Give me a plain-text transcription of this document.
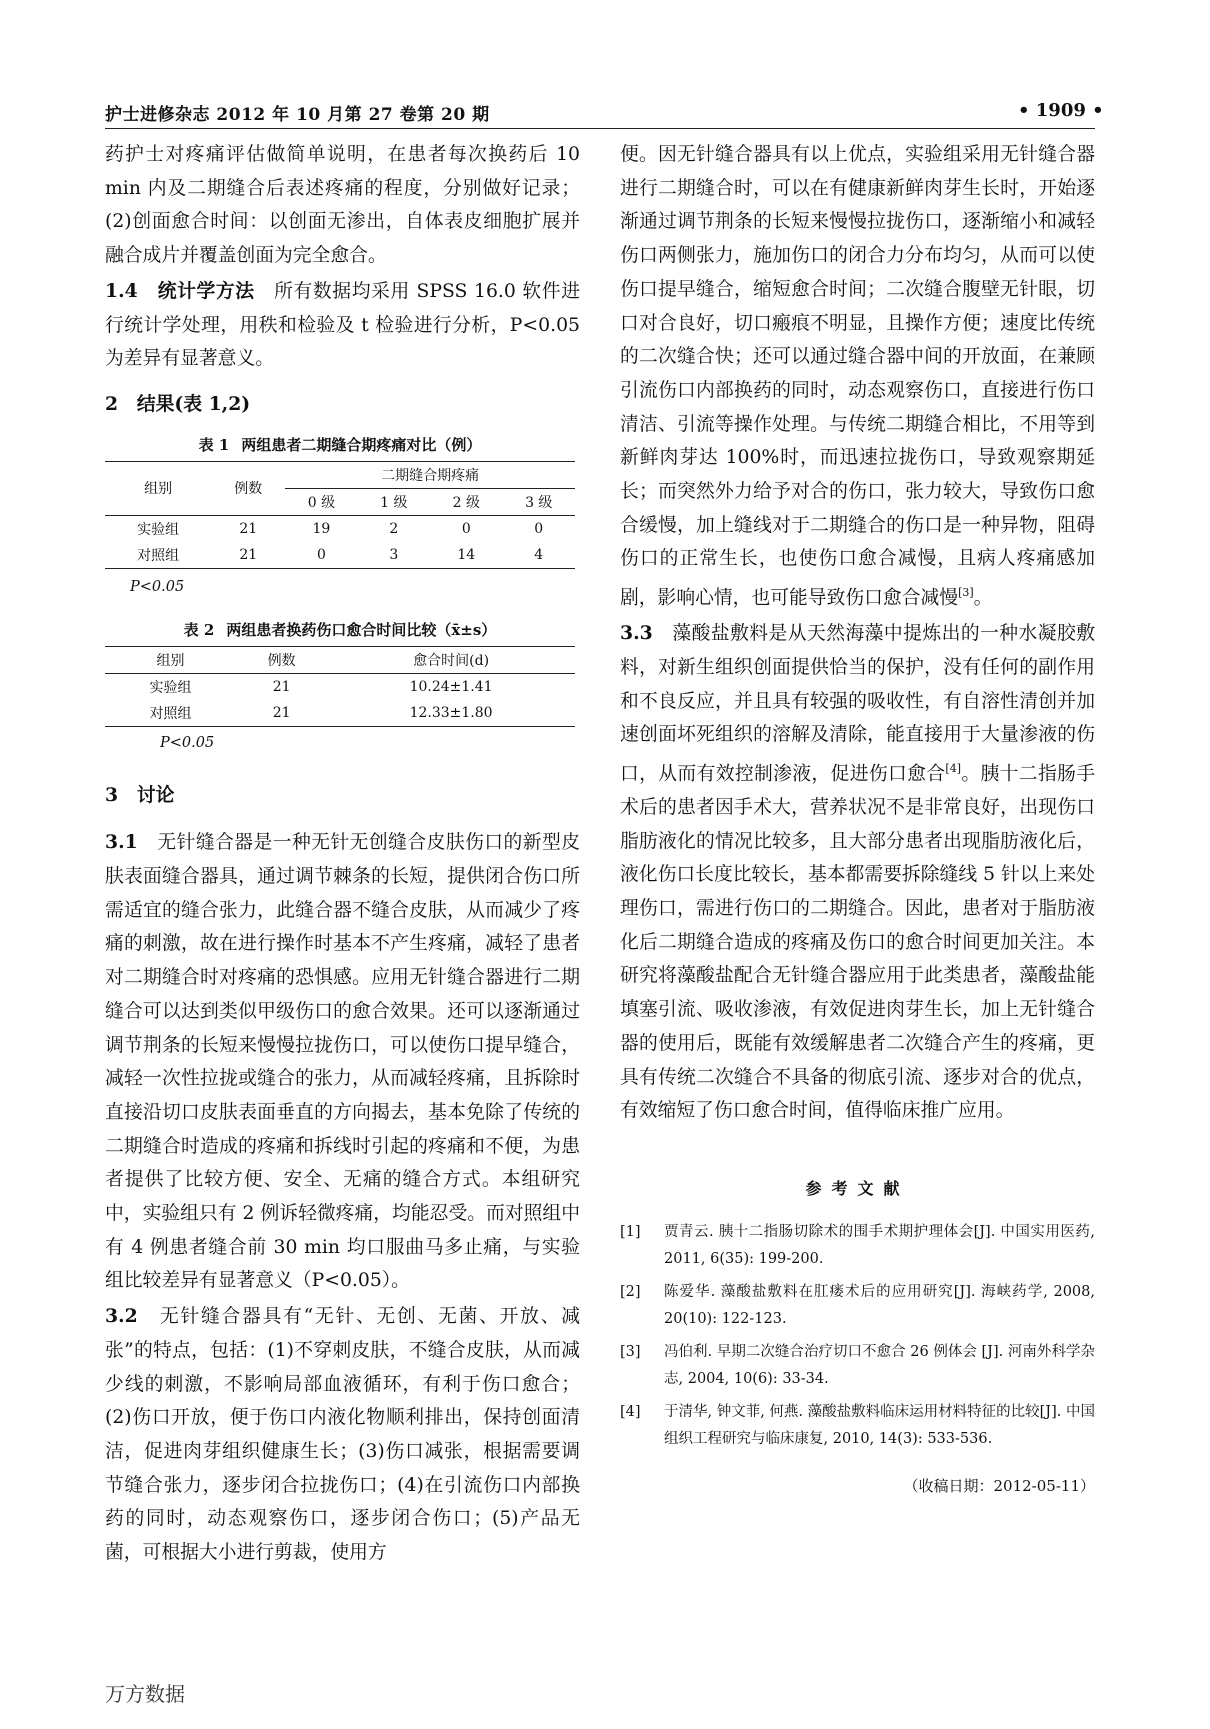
护士进修杂志 2012 年 10 月第 27 卷第 20 期	• 1909 •

药护士对疼痛评估做简单说明，在患者每次换药后 10 min 内及二期缝合后表述疼痛的程度，分别做好记录；(2)创面愈合时间：以创面无渗出，自体表皮细胞扩展并融合成片并覆盖创面为完全愈合。

1.4　统计学方法　 所有数据均采用 SPSS 16.0 软件进行统计学处理，用秩和检验及 t 检验进行分析，P<0.05 为差异有显著意义。

2　结果(表 1,2)

表 1 两组患者二期缝合期疼痛对比（例）

组别	例数	二期缝合期疼痛			
		0 级	1 级	2 级	3 级
实验组	21	19	2	0	0
对照组	21	0	3	14	4

P<0.05

表 2 两组患者换药伤口愈合时间比较（x̄±s）

组别	例数	愈合时间(d)
实验组	21	10.24±1.41
对照组	21	12.33±1.80

P<0.05

3　讨论

3.1　 无针缝合器是一种无针无创缝合皮肤伤口的新型皮肤表面缝合器具，通过调节棘条的长短，提供闭合伤口所需适宜的缝合张力，此缝合器不缝合皮肤，从而减少了疼痛的刺激，故在进行操作时基本不产生疼痛，减轻了患者对二期缝合时对疼痛的恐惧感。应用无针缝合器进行二期缝合可以达到类似甲级伤口的愈合效果。还可以逐渐通过调节荆条的长短来慢慢拉拢伤口，可以使伤口提早缝合，减轻一次性拉拢或缝合的张力，从而减轻疼痛，且拆除时直接沿切口皮肤表面垂直的方向揭去，基本免除了传统的二期缝合时造成的疼痛和拆线时引起的疼痛和不便，为患者提供了比较方便、安全、无痛的缝合方式。本组研究中，实验组只有 2 例诉轻微疼痛，均能忍受。而对照组中有 4 例患者缝合前 30 min 均口服曲马多止痛，与实验组比较差异有显著意义（P<0.05）。

3.2　 无针缝合器具有“无针、无创、无菌、开放、减张”的特点，包括：(1)不穿刺皮肤，不缝合皮肤，从而减少线的刺激，不影响局部血液循环，有利于伤口愈合；(2)伤口开放，便于伤口内液化物顺利排出，保持创面清洁，促进肉芽组织健康生长；(3)伤口减张，根据需要调节缝合张力，逐步闭合拉拢伤口；(4)在引流伤口内部换药的同时，动态观察伤口，逐步闭合伤口；(5)产品无菌，可根据大小进行剪裁，使用方

便。因无针缝合器具有以上优点，实验组采用无针缝合器进行二期缝合时，可以在有健康新鲜肉芽生长时，开始逐渐通过调节荆条的长短来慢慢拉拢伤口，逐渐缩小和减轻伤口两侧张力，施加伤口的闭合力分布均匀，从而可以使伤口提早缝合，缩短愈合时间；二次缝合腹壁无针眼，切口对合良好，切口瘢痕不明显，且操作方便；速度比传统的二次缝合快；还可以通过缝合器中间的开放面，在兼顾引流伤口内部换药的同时，动态观察伤口，直接进行伤口清洁、引流等操作处理。与传统二期缝合相比，不用等到新鲜肉芽达 100%时，而迅速拉拢伤口，导致观察期延长；而突然外力给予对合的伤口，张力较大，导致伤口愈合缓慢，加上缝线对于二期缝合的伤口是一种异物，阻碍伤口的正常生长，也使伤口愈合减慢，且病人疼痛感加剧，影响心情，也可能导致伤口愈合减慢[3]。

3.3　 藻酸盐敷料是从天然海藻中提炼出的一种水凝胶敷料，对新生组织创面提供恰当的保护，没有任何的副作用和不良反应，并且具有较强的吸收性，有自溶性清创并加速创面坏死组织的溶解及清除，能直接用于大量渗液的伤口，从而有效控制渗液，促进伤口愈合[4]。胰十二指肠手术后的患者因手术大，营养状况不是非常良好，出现伤口脂肪液化的情况比较多，且大部分患者出现脂肪液化后，液化伤口长度比较长，基本都需要拆除缝线 5 针以上来处理伤口，需进行伤口的二期缝合。因此，患者对于脂肪液化后二期缝合造成的疼痛及伤口的愈合时间更加关注。本研究将藻酸盐配合无针缝合器应用于此类患者，藻酸盐能填塞引流、吸收渗液，有效促进肉芽生长，加上无针缝合器的使用后，既能有效缓解患者二次缝合产生的疼痛，更具有传统二次缝合不具备的彻底引流、逐步对合的优点，有效缩短了伤口愈合时间，值得临床推广应用。

参考文献

[1]	贾青云. 胰十二指肠切除术的围手术期护理体会[J]. 中国实用医药, 2011, 6(35): 199-200.
[2]	陈爱华. 藻酸盐敷料在肛瘘术后的应用研究[J]. 海峡药学, 2008, 20(10): 122-123.
[3]	冯伯利. 早期二次缝合治疗切口不愈合 26 例体会 [J]. 河南外科学杂志, 2004, 10(6): 33-34.
[4]	于清华, 钟文菲, 何燕. 藻酸盐敷料临床运用材料特征的比较[J]. 中国组织工程研究与临床康复, 2010, 14(3): 533-536.

（收稿日期：2012-05-11）

万方数据
